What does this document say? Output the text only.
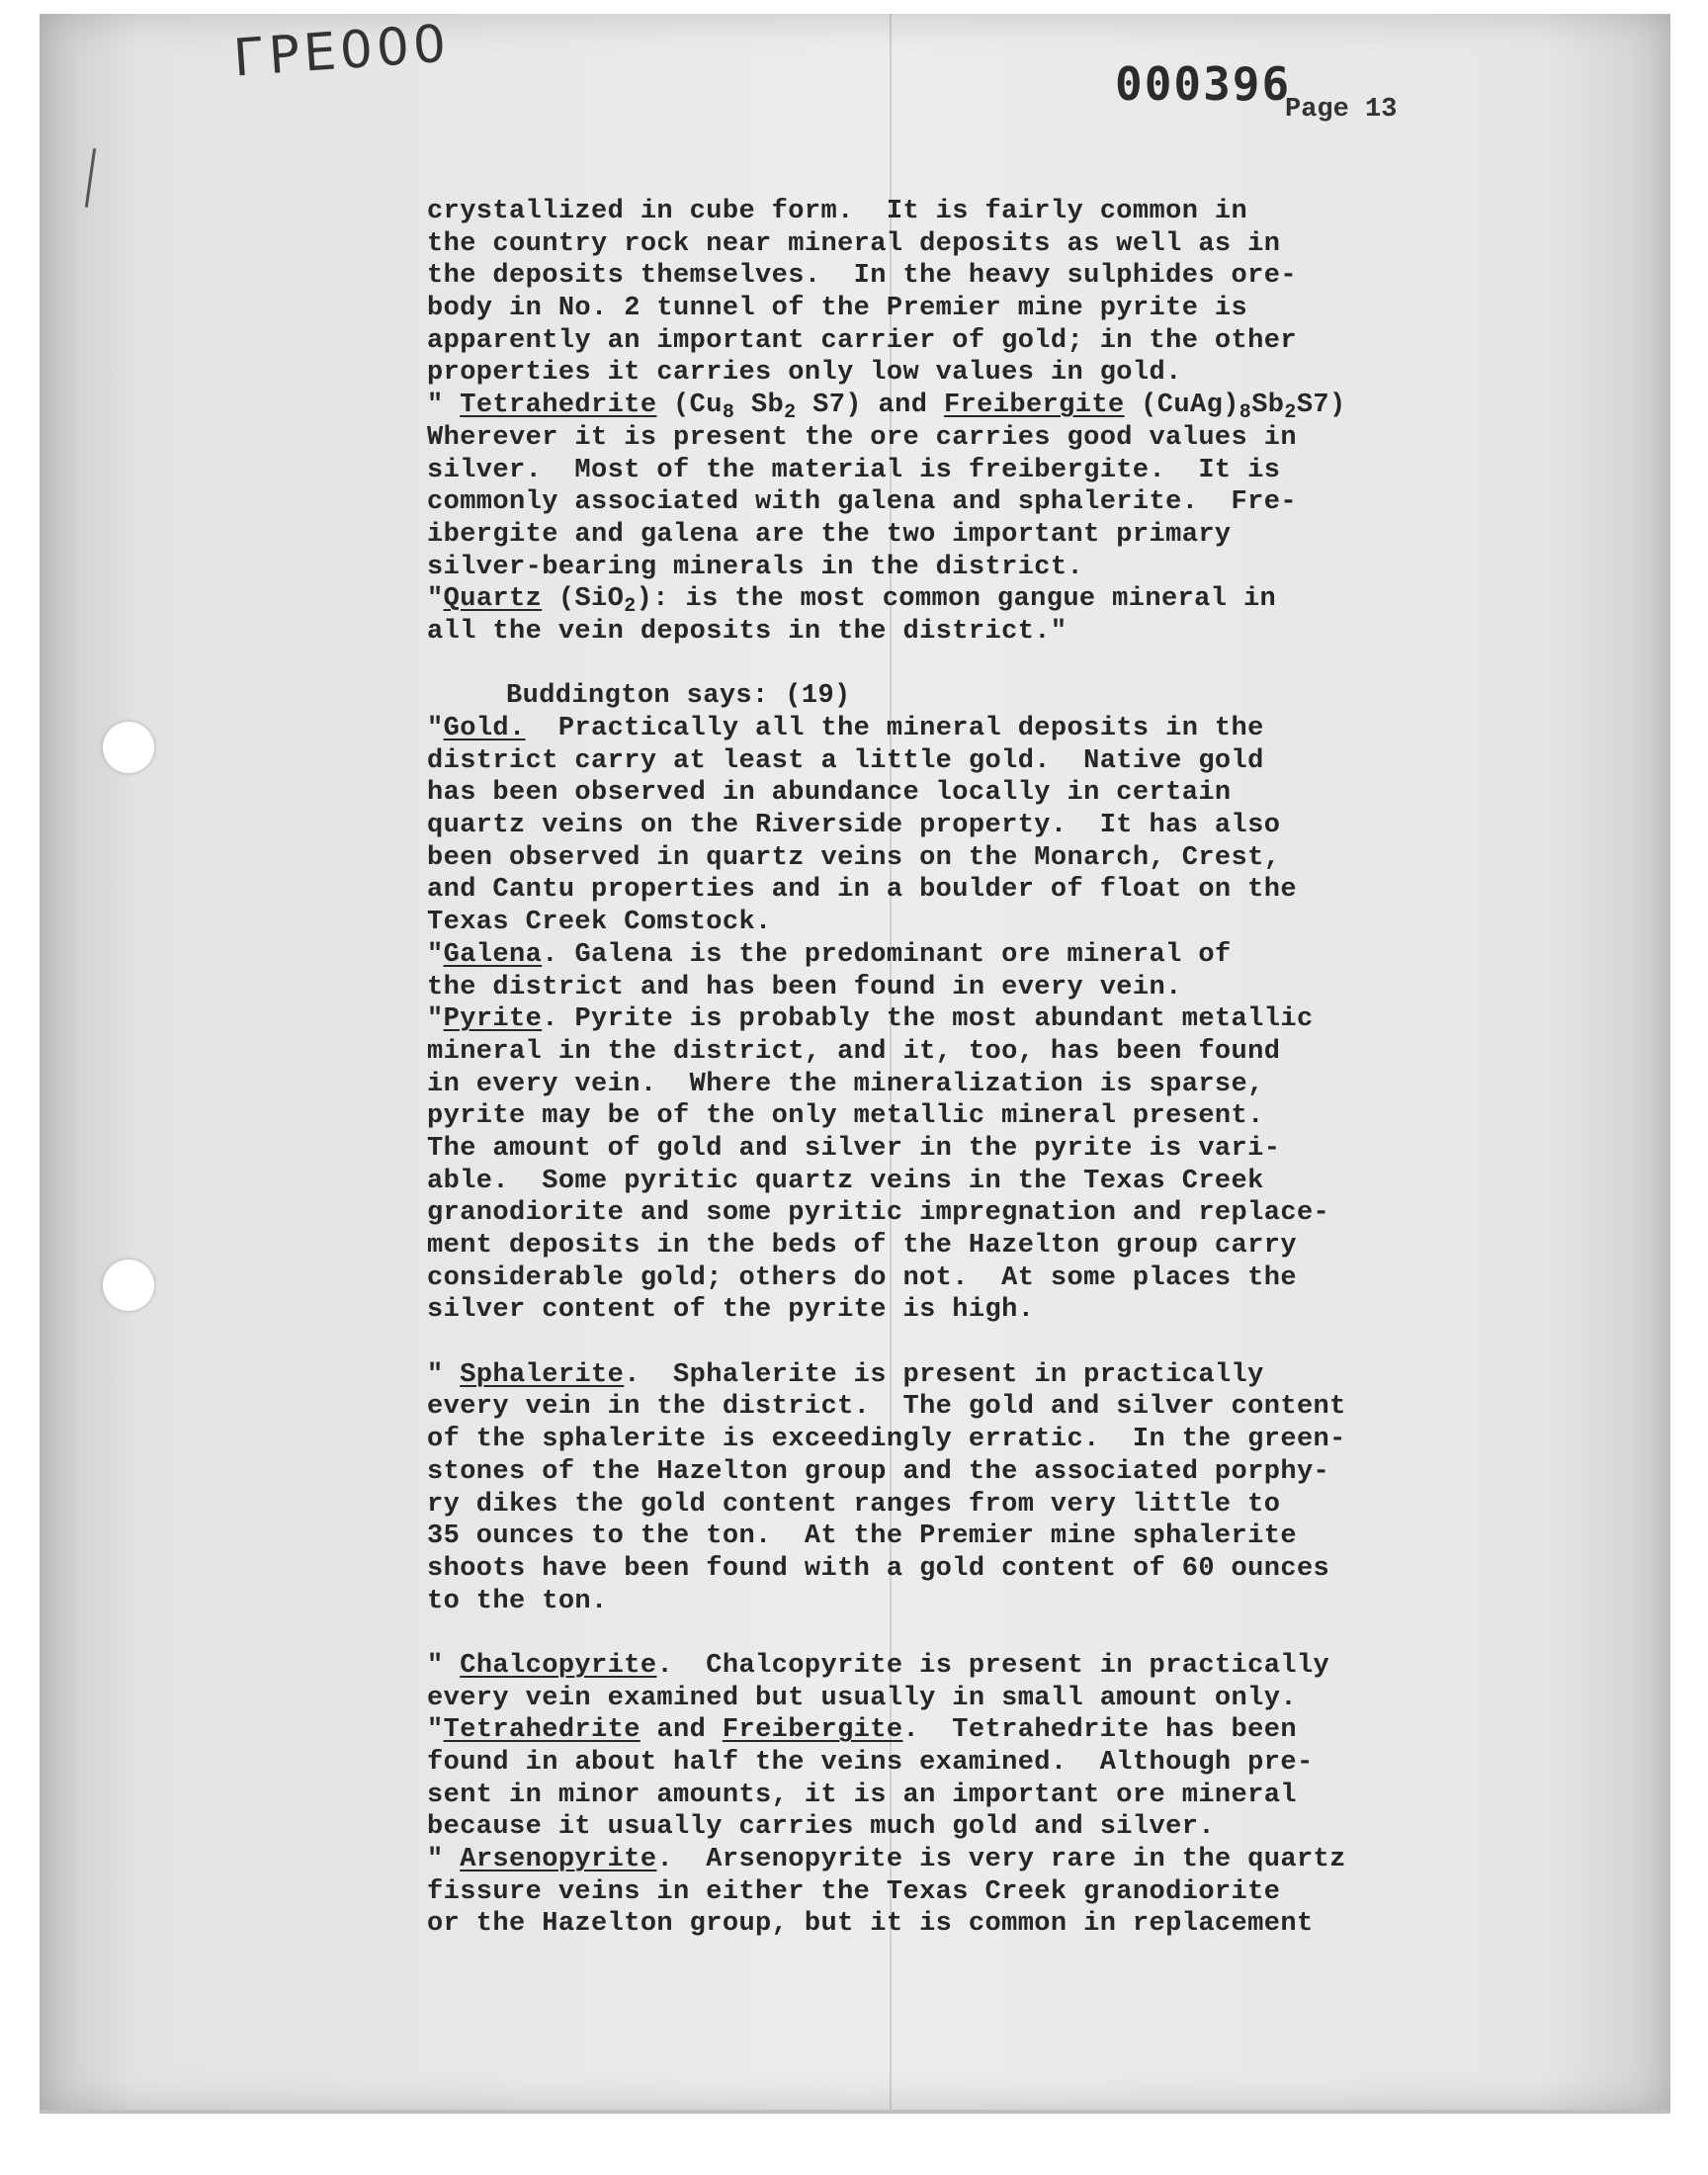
ГРЕ000	000396
Page 13
crystallized in cube form.  It is fairly common in
the country rock near mineral deposits as well as in
the deposits themselves.  In the heavy sulphides ore-
body in No. 2 tunnel of the Premier mine pyrite is
apparently an important carrier of gold; in the other
properties it carries only low values in gold.
" Tetrahedrite ($Cu_8$ $Sb_2$ S7) and Freibergite $(CuAg)_8Sb_2S7$)
Wherever it is present the ore carries good values in
silver.  Most of the material is freibergite.  It is
commonly associated with galena and sphalerite.  Fre-
ibergite and galena are the two important primary
silver-bearing minerals in the district.
"Quartz (SiO$_2$): is the most common gangue mineral in
all the vein deposits in the district."
Buddington says: (19)
"Gold.  Practically all the mineral deposits in the
district carry at least a little gold.  Native gold
has been observed in abundance locally in certain
quartz veins on the Riverside property.  It has also
been observed in quartz veins on the Monarch, Crest,
and Cantu properties and in a boulder of float on the
Texas Creek Comstock.
"Galena. Galena is the predominant ore mineral of
the district and has been found in every vein.
"Pyrite. Pyrite is probably the most abundant metallic
mineral in the district, and it, too, has been found
in every vein.  Where the mineralization is sparse,
pyrite may be of the only metallic mineral present.
The amount of gold and silver in the pyrite is vari-
able.  Some pyritic quartz veins in the Texas Creek
granodiorite and some pyritic impregnation and replace-
ment deposits in the beds of the Hazelton group carry
considerable gold; others do not.  At some places the
silver content of the pyrite is high.
" Sphalerite.  Sphalerite is present in practically
every vein in the district.  The gold and silver content
of the sphalerite is exceedingly erratic.  In the green-
stones of the Hazelton group and the associated porphy-
ry dikes the gold content ranges from very little to
35 ounces to the ton.  At the Premier mine sphalerite
shoots have been found with a gold content of 60 ounces
to the ton.
" Chalcopyrite.  Chalcopyrite is present in practically
every vein examined but usually in small amount only.
"Tetrahedrite and Freibergite.  Tetrahedrite has been
found in about half the veins examined.  Although pre-
sent in minor amounts, it is an important ore mineral
because it usually carries much gold and silver.
" Arsenopyrite.  Arsenopyrite is very rare in the quartz
fissure veins in either the Texas Creek granodiorite
or the Hazelton group, but it is common in replacement
